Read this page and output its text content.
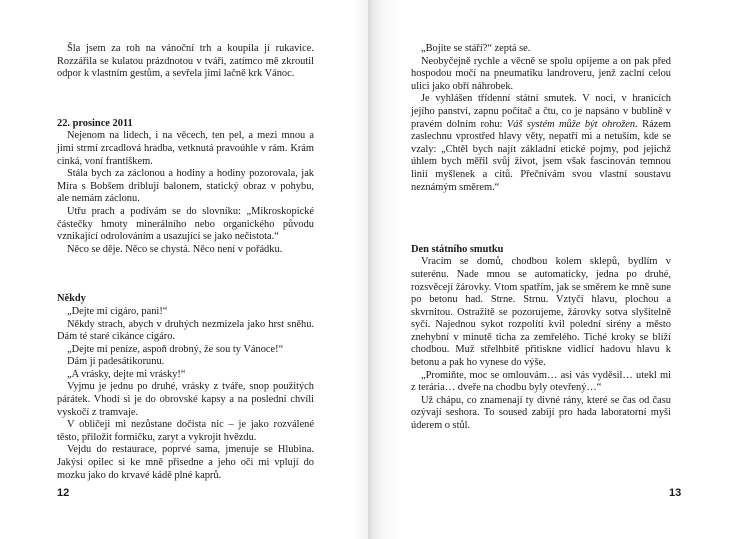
Šla jsem za roh na vánoční trh a koupila jí rukavice. Rozzářila se kulatou prázdnotou v tváři, zatímco mě zkroutil odpor k vlastním gestům, a sevřela jimi lačně krk Vánoc.

22. prosince 2011

Nejenom na lidech, i na věcech, ten pel, a mezi mnou a jimi strmí zrcadlová hradba, vetknutá pravoúhle v rám. Krám cinká, voní františkem.

Stála bych za záclonou a hodiny a hodiny pozorovala, jak Míra s Bobšem driblují balonem, statický obraz v pohybu, ale nemám záclonu.

Utřu prach a podívám se do slovníku: „Mikroskopické částečky hmoty minerálního nebo organického původu vznikající odrolováním a usazující se jako nečistota.“

Něco se děje. Něco se chystá. Něco není v pořádku.

Někdy

„Dejte mi cigáro, pani!“

Někdy strach, abych v druhých nezmizela jako hrst sněhu. Dám té staré cikánce cigáro.

„Dejte mi peníze, aspoň drobný, že sou ty Vánoce!“

Dám jí padesátikorunu.

„A vrásky, dejte mi vrásky!“

Vyjmu je jednu po druhé, vrásky z tváře, snop použitých párátek. Vhodí si je do obrovské kapsy a na poslední chvíli vyskočí z tramvaje.

V obličeji mi nezůstane dočista nic – je jako rozválené těsto, přiložit formičku, zaryt a vykrojit hvězdu.

Vejdu do restaurace, poprvé sama, jmenuje se Hlubina. Jakýsi opilec si ke mně přisedne a jeho oči mi vplují do mozku jako do krvavé kádě plné kaprů.

12

„Bojíte se stáří?“ zeptá se.

Neobyčejně rychle a věcně se spolu opijeme a on pak před hospodou močí na pneumatiku landroveru, jenž zaclní celou ulici jako obří náhrobek.

Je vyhlášen třídenní státní smutek. V noci, v hranicích jejího panství, zapnu počítač a čtu, co je napsáno v bublině v pravém dolním rohu: Váš systém může být ohrožen. Rázem zaslechnu vprostřed hlavy věty, nepatří mi a netuším, kde se vzaly: „Chtěl bych najít základní etické pojmy, pod jejichž úhlem bych měřil svůj život, jsem však fascinován temnou linií myšlenek a citů. Přečnívám svou vlastní soustavu neznámým směrem.“

Den státního smutku

Vracím se domů, chodbou kolem sklepů, bydlím v suterénu. Nade mnou se automaticky, jedna po druhé, rozsvěcejí žárovky. Vtom spatřím, jak se směrem ke mně sune po betonu had. Strne. Strnu. Vztyčí hlavu, plochou a skvrnitou. Ostražitě se pozorujeme, žárovky sotva slyšitelně syčí. Najednou sykot rozpolítí kvil polední sirény a město znehybní v minutě ticha za zemřelého. Tiché kroky se blíží chodbou. Muž střelhbitě přitiskne vidlicí hadovu hlavu k betonu a pak ho vynese do výše.

„Promiňte, moc se omlouvám… asi vás vyděsil… utekl mi z terária… dveře na chodbu byly otevřený…“

Už chápu, co znamenají ty divné rány, které se čas od času ozývají seshora. To soused zabíjí pro hada laboratorní myši úderem o stůl.

13
